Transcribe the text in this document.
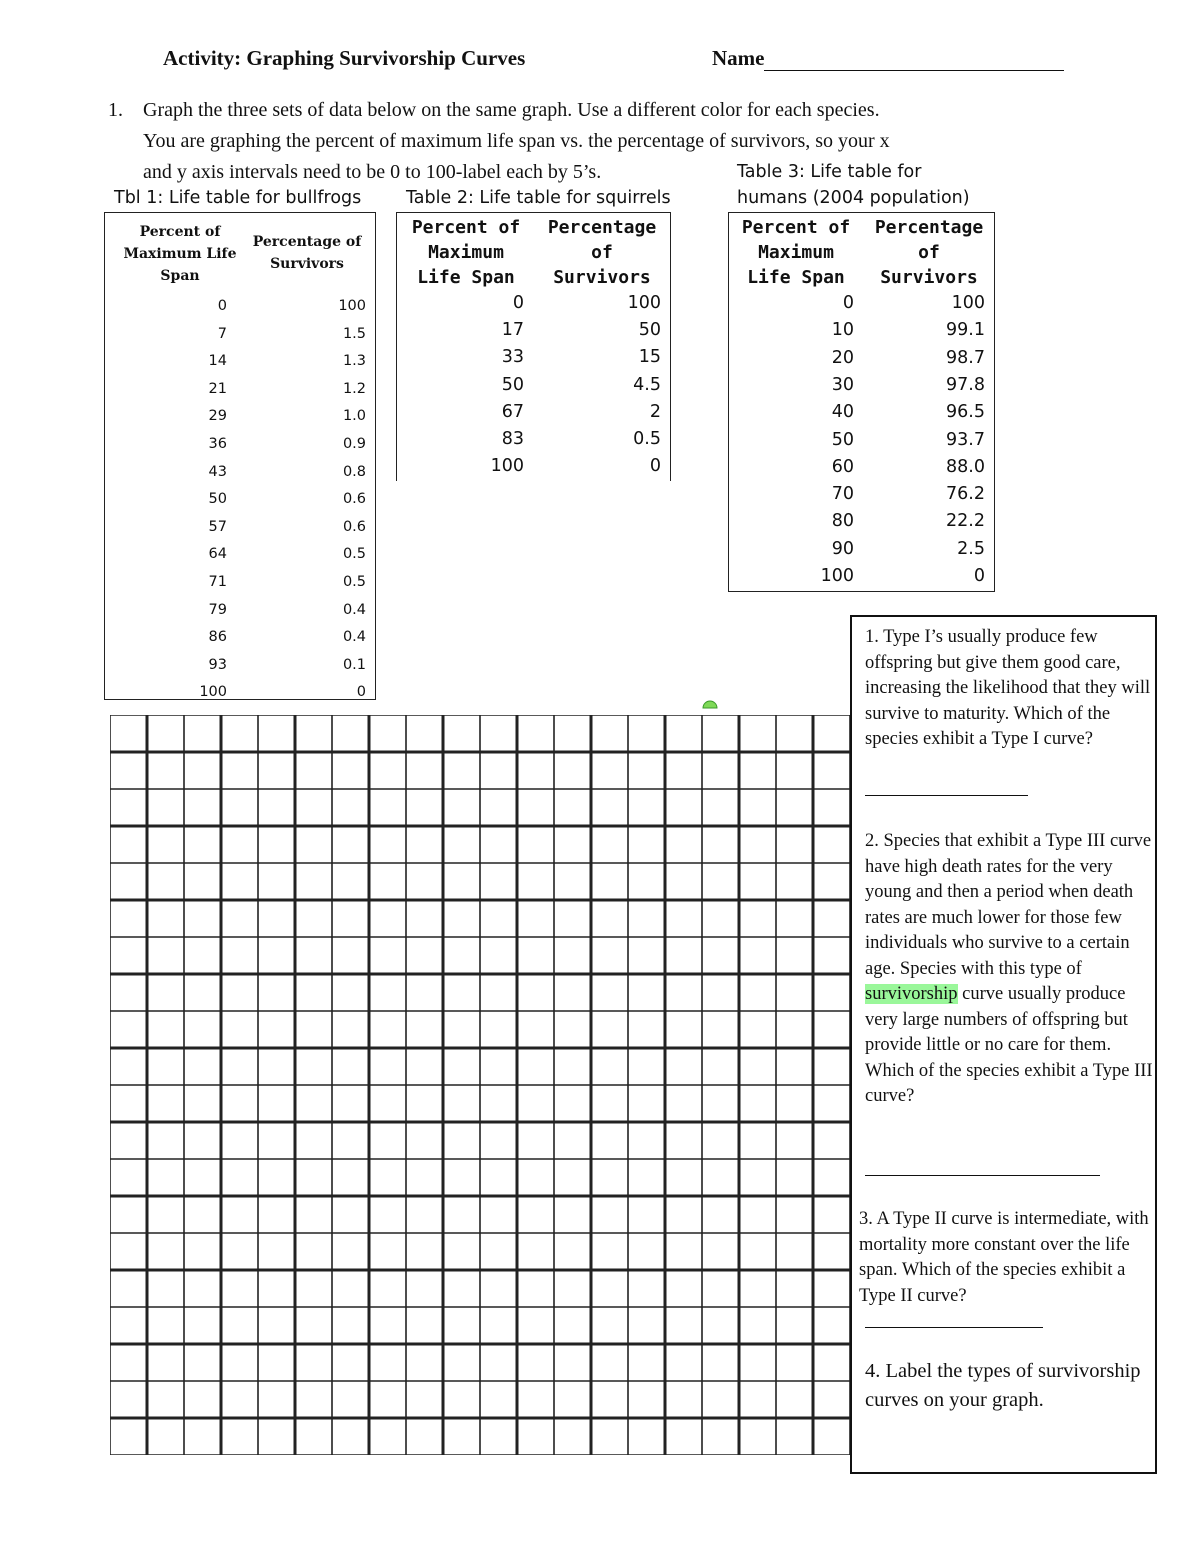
Activity: Graphing Survivorship Curves	Name
1. Graph the three sets of data below on the same graph. Use a different color for each species.
You are graphing the percent of maximum life span vs. the percentage of survivors, so your x
and y axis intervals need to be 0 to 100-label each by 5’s.
Tbl 1: Life table for bullfrogs	Table 2: Life table for squirrels
Table 3: Life table for
humans (2004 population)
Percent of Maximum Life Span
Percentage of Survivors
0	100
7	1.5
14	1.3
21	1.2
29	1.0
36	0.9
43	0.8
50	0.6
57	0.6
64	0.5
71	0.5
79	0.4
86	0.4
93	0.1
100	0
Percent of Maximum Life Span
Percentage of Survivors
0	100
17	50
33	15
50	4.5
67	2
83	0.5
100	0
Percent of Maximum Life Span
Percentage of Survivors
0	100
10	99.1
20	98.7
30	97.8
40	96.5
50	93.7
60	88.0
70	76.2
80	22.2
90	2.5
100	0
1. Type I’s usually produce few offspring but give them good care, increasing the likelihood that they will survive to maturity. Which of the species exhibit a Type I curve?
2. Species that exhibit a Type III curve have high death rates for the very young and then a period when death rates are much lower for those few individuals who survive to a certain age. Species with this type of survivorship curve usually produce very large numbers of offspring but provide little or no care for them. Which of the species exhibit a Type III curve?
3. A Type II curve is intermediate, with mortality more constant over the life span. Which of the species exhibit a Type II curve?
4. Label the types of survivorship curves on your graph.
